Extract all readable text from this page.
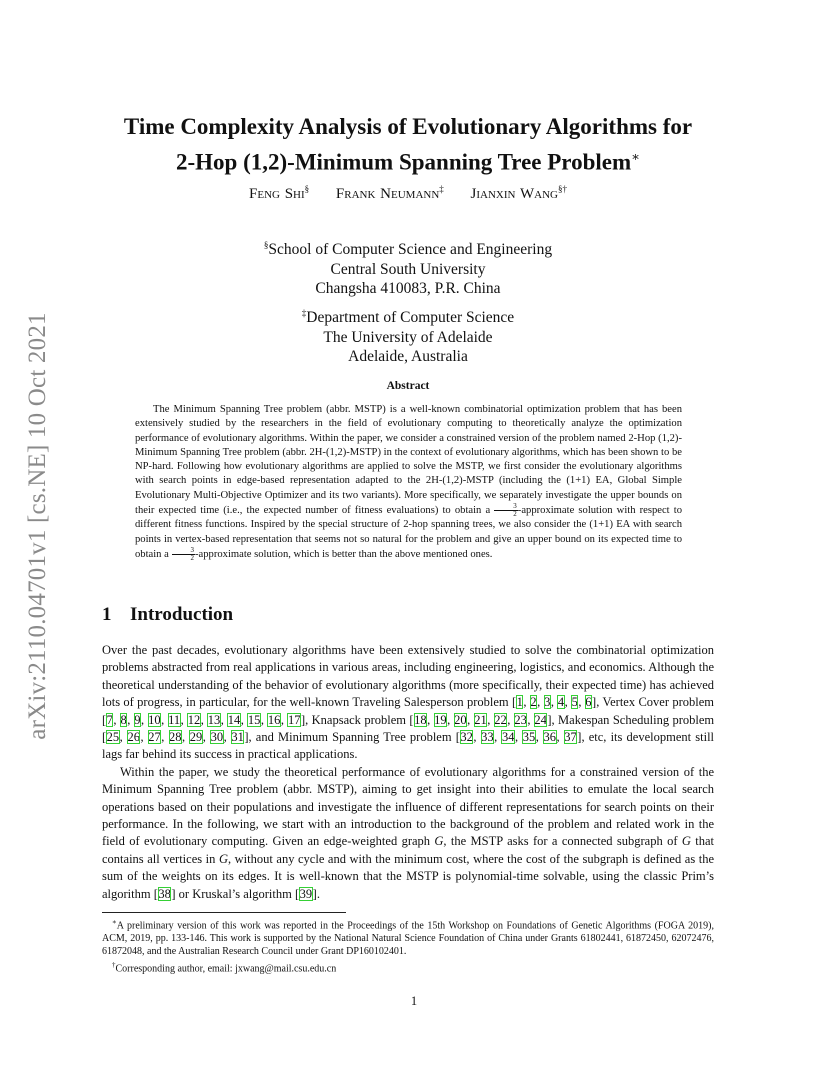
arXiv:2110.04701v1 [cs.NE] 10 Oct 2021
Time Complexity Analysis of Evolutionary Algorithms for
2-Hop (1,2)-Minimum Spanning Tree Problem∗
Feng Shi§ Frank Neumann‡ Jianxin Wang§†
§School of Computer Science and Engineering
Central South University
Changsha 410083, P.R. China
‡Department of Computer Science
The University of Adelaide
Adelaide, Australia
Abstract
The Minimum Spanning Tree problem (abbr. MSTP) is a well-known combinatorial optimization problem that has been extensively studied by the researchers in the field of evolutionary computing to theoretically analyze the optimization performance of evolutionary algorithms. Within the paper, we consider a constrained version of the problem named 2-Hop (1,2)-Minimum Spanning Tree problem (abbr. 2H-(1,2)-MSTP) in the context of evolutionary algorithms, which has been shown to be NP-hard. Following how evolutionary algorithms are applied to solve the MSTP, we first consider the evolutionary algorithms with search points in edge-based representation adapted to the 2H-(1,2)-MSTP (including the (1+1) EA, Global Simple Evolutionary Multi-Objective Optimizer and its two variants). More specifically, we separately investigate the upper bounds on their expected time (i.e., the expected number of fitness evaluations) to obtain a $\frac{3}{2}$ -approximate solution with respect to different fitness functions. Inspired by the special structure of 2-hop spanning trees, we also consider the (1+1) EA with search points in vertex-based representation that seems not so natural for the problem and give an upper bound on its expected time to obtain a $\frac{3}{2}$ -approximate solution, which is better than the above mentioned ones.
1 Introduction

Over the past decades, evolutionary algorithms have been extensively studied to solve the combinatorial optimization problems abstracted from real applications in various areas, including engineering, logistics, and economics. Although the theoretical understanding of the behavior of evolutionary algorithms (more specifically, their expected time) has achieved lots of progress, in particular, for the well-known Traveling Salesperson problem [1, 2, 3, 4, 5, 6], Vertex Cover problem [7, 8, 9, 10, 11, 12, 13, 14, 15, 16, 17], Knapsack problem [18, 19, 20, 21, 22, 23, 24], Makespan Scheduling problem [25, 26, 27, 28, 29, 30, 31], and Minimum Spanning Tree problem [32, 33, 34, 35, 36, 37], etc, its development still lags far behind its success in practical applications.

Within the paper, we study the theoretical performance of evolutionary algorithms for a constrained version of the Minimum Spanning Tree problem (abbr. MSTP), aiming to get insight into their abilities to emulate the local search operations based on their populations and investigate the influence of different representations for search points on their performance. In the following, we start with an introduction to the background of the problem and related work in the field of evolutionary computing. Given an edge-weighted graph G, the MSTP asks for a connected subgraph of G that contains all vertices in G, without any cycle and with the minimum cost, where the cost of the subgraph is defined as the sum of the weights on its edges. It is well-known that the MSTP is polynomial-time solvable, using the classic Prim’s algorithm [38] or Kruskal’s algorithm [39].

∗A preliminary version of this work was reported in the Proceedings of the 15th Workshop on Foundations of Genetic Algorithms (FOGA 2019), ACM, 2019, pp. 133-146. This work is supported by the National Natural Science Foundation of China under Grants 61802441, 61872450, 62072476, 61872048, and the Australian Research Council under Grant DP160102401.

†Corresponding author, email: jxwang@mail.csu.edu.cn

1
